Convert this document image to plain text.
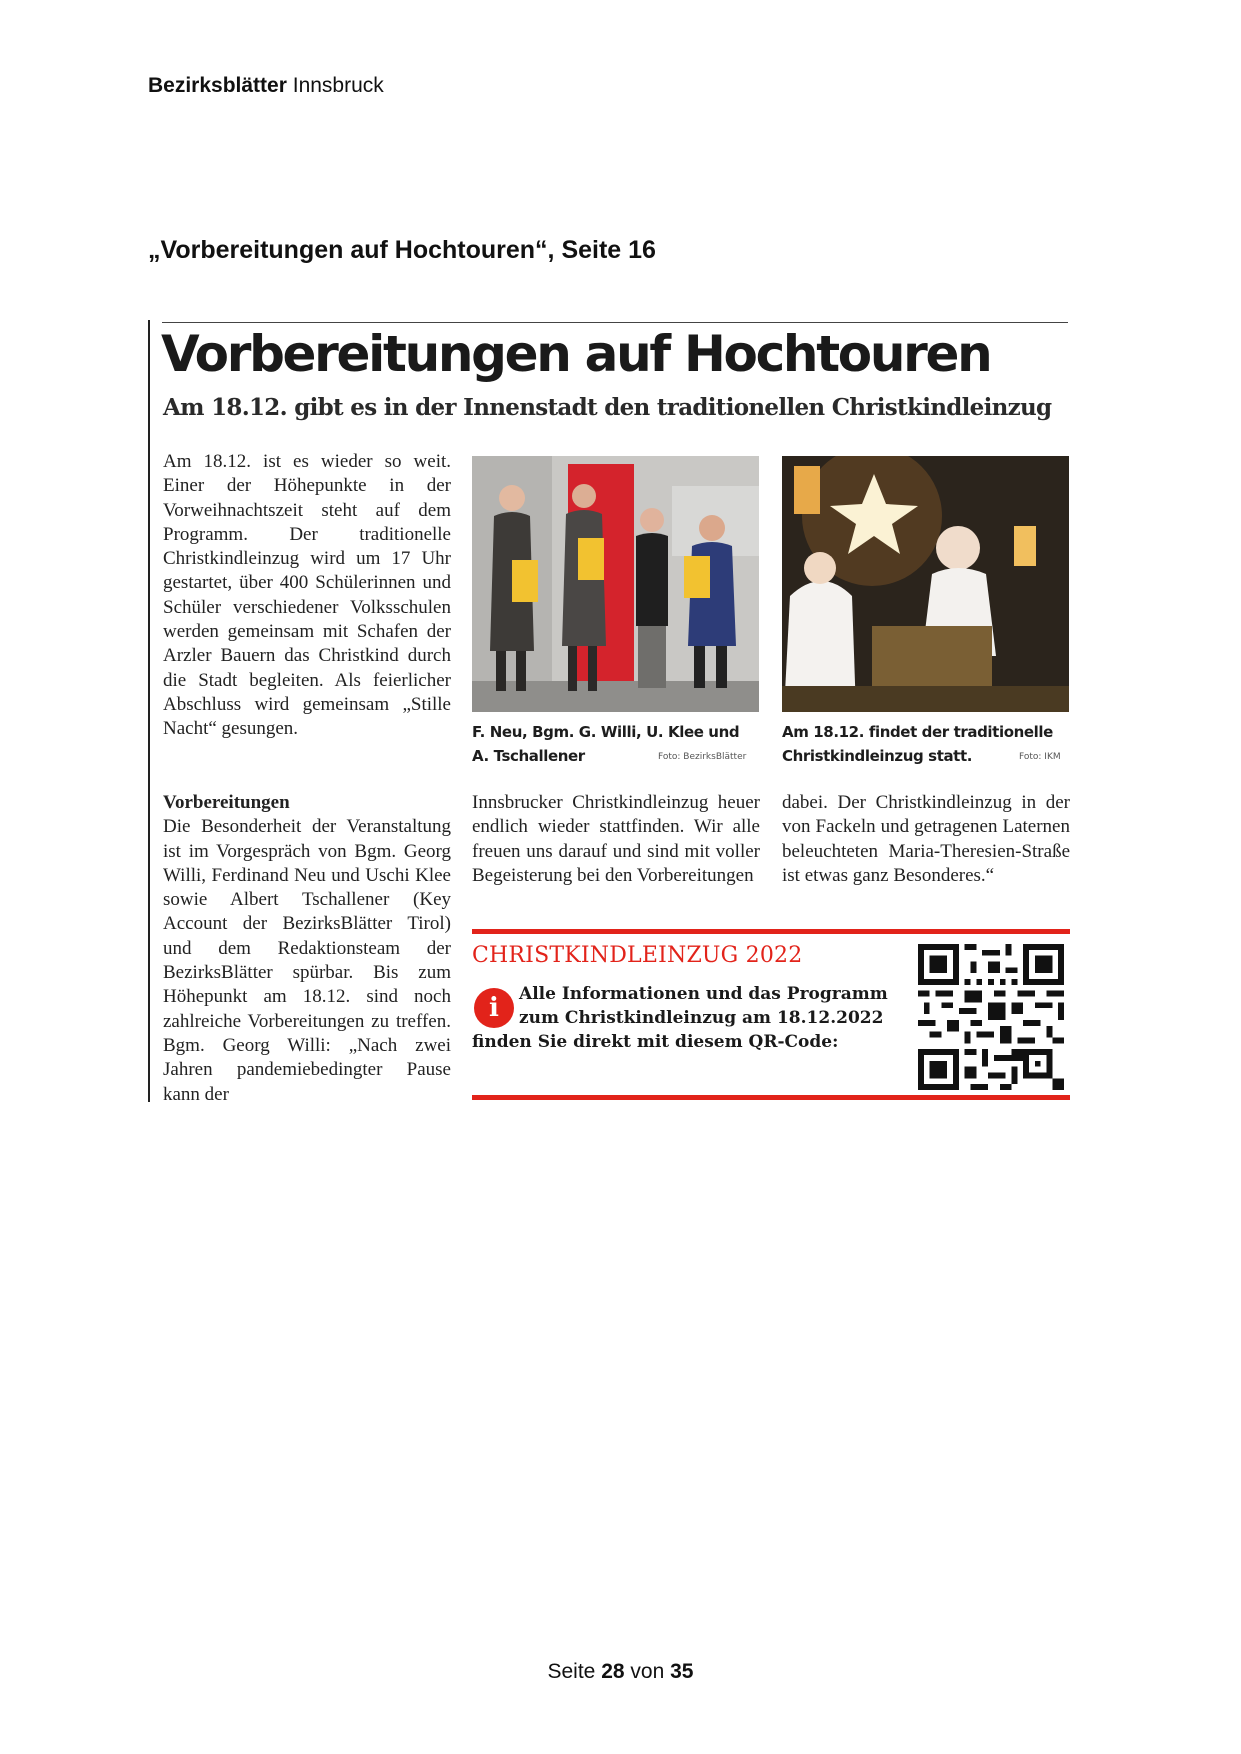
Bezirksblätter Innsbruck
„Vorbereitungen auf Hochtouren“, Seite 16
Vorbereitungen auf Hochtouren
Am 18.12. gibt es in der Innenstadt den traditionellen Christkindleinzug
Am 18.12. ist es wieder so weit. Einer der Höhepunkte in der Vorweihnachtszeit steht auf dem Programm. Der traditionelle Christkindleinzug wird um 17 Uhr gestartet, über 400 Schülerinnen und Schüler verschiedener Volksschulen werden gemeinsam mit Schafen der Arzler Bauern das Christkind durch die Stadt begleiten. Als feierlicher Abschluss wird gemeinsam „Stille Nacht“ gesungen.
Vorbereitungen
Die Besonderheit der Veranstaltung ist im Vorgespräch von Bgm. Georg Willi, Ferdinand Neu und Uschi Klee sowie Albert Tschallener (Key Account der BezirksBlätter Tirol) und dem Redaktionsteam der BezirksBlätter spürbar. Bis zum Höhepunkt am 18.12. sind noch zahlreiche Vorbereitungen zu treffen. Bgm. Georg Willi: „Nach zwei Jahren pandemiebedingter Pause kann der
Innsbrucker Christkindleinzug heuer endlich wieder stattfinden. Wir alle freuen uns darauf und sind mit voller Begeisterung bei den Vorbereitungen
dabei. Der Christkindleinzug in der von Fackeln und getragenen Laternen beleuchteten Maria-Theresien-Straße ist etwas ganz Besonderes.“
F. Neu, Bgm. G. Willi, U. Klee und A. Tschallener	Foto: BezirksBlätter
Am 18.12. findet der traditionelle Christkindleinzug statt.	Foto: IKM
CHRISTKINDLEINZUG 2022
i	Alle Informationen und das Programm
zum Christkindleinzug am 18.12.2022
finden Sie direkt mit diesem QR-Code:
Seite 28 von 35
